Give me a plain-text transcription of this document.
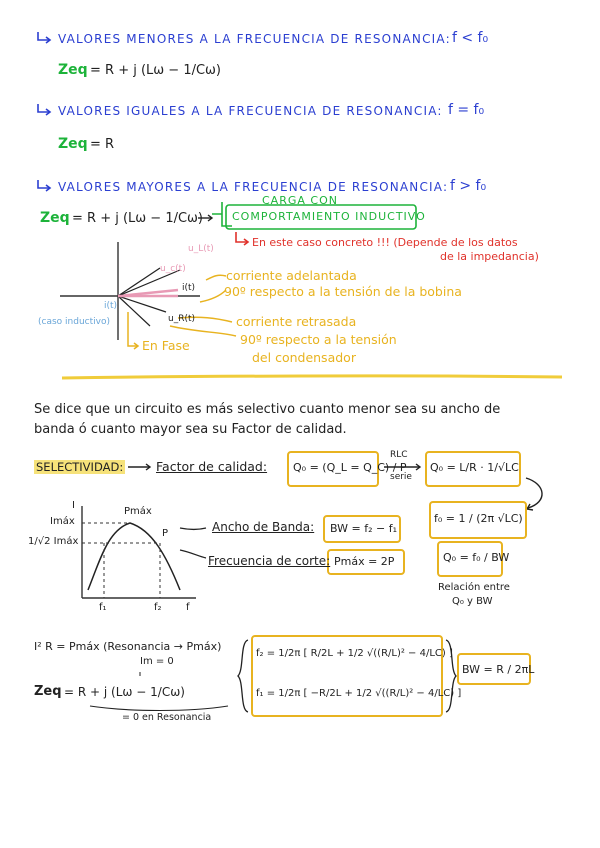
VALORES MENORES A LA FRECUENCIA DE RESONANCIA: f < f₀
Zeq = R + j (Lω − 1/Cω)
VALORES IGUALES A LA FRECUENCIA DE RESONANCIA: f = f₀
Zeq = R
VALORES MAYORES A LA FRECUENCIA DE RESONANCIA: f > f₀
Zeq = R + j (Lω − 1/Cω)
CARGA CON
COMPORTAMIENTO INDUCTIVO
En este caso concreto !!! (Depende de los datos
de la impedancia)
u_c(t)
u_L(t)
i(t)
u_R(t)
i(t)
(caso inductivo)
corriente adelantada
90º respecto a la tensión de la bobina
corriente retrasada
90º respecto a la tensión
del condensador
En Fase
Se dice que un circuito es más selectivo cuanto menor sea su ancho de
banda ó cuanto mayor sea su Factor de calidad.
SELECTIVIDAD:	Factor de calidad: Q₀ = (Q_L = Q_C) / P
RLC
serie
Q₀ = L/R · 1/√LC
f₀ = 1 / (2π √LC)
Q₀ = f₀ / BW
Relación entre
Q₀ y BW
I
Imáx
1/√2 Imáx
Pmáx
P
f₁	f₂ f
Ancho de Banda: BW = f₂ − f₁
Frecuencia de corte: Pmáx = 2P
I² R = Pmáx (Resonancia → Pmáx)
Im = 0
Zeq = R + j (Lω − 1/Cω)
= 0 en Resonancia
f₂ = 1/2π [ R/2L + 1/2 √((R/L)² − 4/LC) ]
f₁ = 1/2π [ −R/2L + 1/2 √((R/L)² − 4/LC) ]
BW = R / 2πL
